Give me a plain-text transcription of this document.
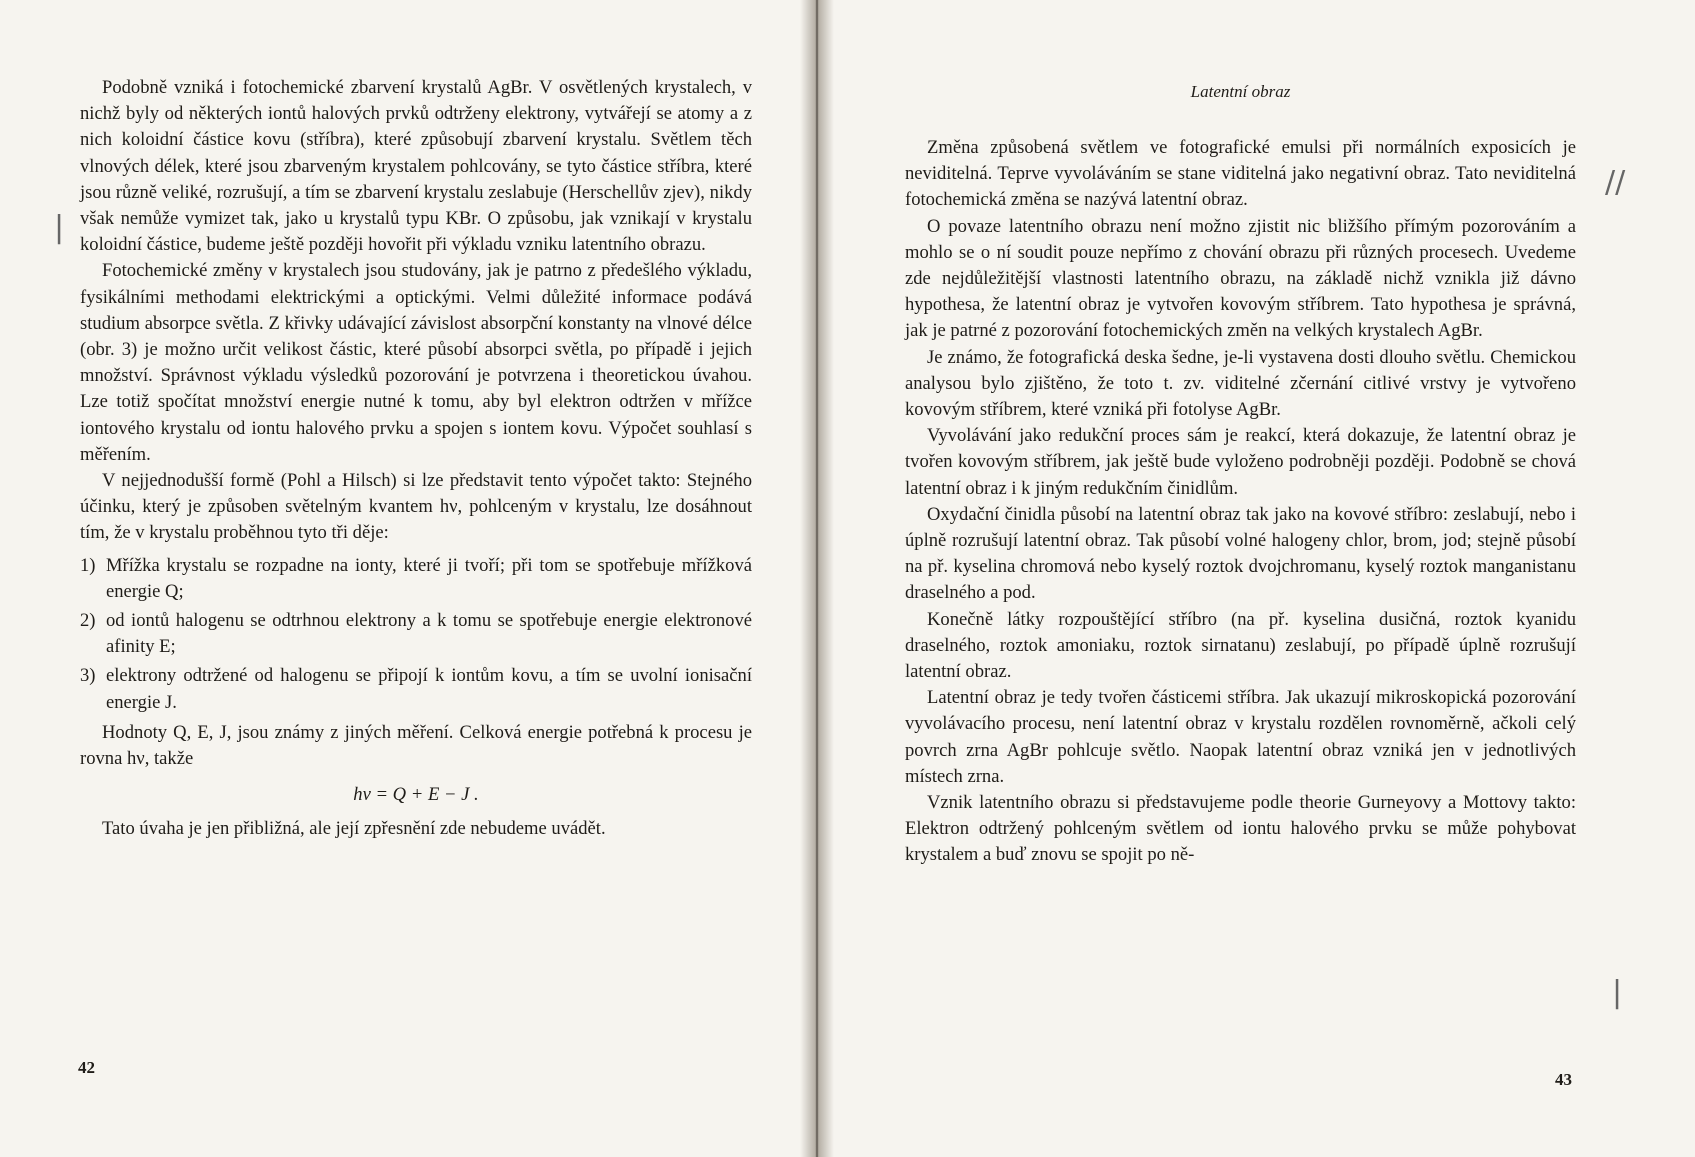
Podobně vzniká i fotochemické zbarvení krystalů AgBr. V osvětlených krystalech, v nichž byly od některých iontů halových prvků odtrženy elektrony, vytvářejí se atomy a z nich koloidní částice kovu (stříbra), které způsobují zbarvení krystalu. Světlem těch vlnových délek, které jsou zbarveným krystalem pohlcovány, se tyto částice stříbra, které jsou různě veliké, rozrušují, a tím se zbarvení krystalu zeslabuje (Herschellův zjev), nikdy však nemůže vymizet tak, jako u krystalů typu KBr. O způsobu, jak vznikají v krystalu koloidní částice, budeme ještě později hovořit při výkladu vzniku latentního obrazu.

Fotochemické změny v krystalech jsou studovány, jak je patrno z předešlého výkladu, fysikálními methodami elektrickými a optickými. Velmi důležité informace podává studium absorpce světla. Z křivky udávající závislost absorpční konstanty na vlnové délce (obr. 3) je možno určit velikost částic, které působí absorpci světla, po případě i jejich množství. Správnost výkladu výsledků pozorování je potvrzena i theoretickou úvahou. Lze totiž spočítat množství energie nutné k tomu, aby byl elektron odtržen v mřížce iontového krystalu od iontu halového prvku a spojen s iontem kovu. Výpočet souhlasí s měřením.

V nejjednodušší formě (Pohl a Hilsch) si lze představit tento výpočet takto: Stejného účinku, který je způsoben světelným kvantem hν, pohlceným v krystalu, lze dosáhnout tím, že v krystalu proběhnou tyto tři děje:

1) Mřížka krystalu se rozpadne na ionty, které ji tvoří; při tom se spotřebuje mřížková energie Q;
2) od iontů halogenu se odtrhnou elektrony a k tomu se spotřebuje energie elektronové afinity E;
3) elektrony odtržené od halogenu se připojí k iontům kovu, a tím se uvolní ionisační energie J.

Hodnoty Q, E, J, jsou známy z jiných měření. Celková energie potřebná k procesu je rovna hν, takže

hν = Q + E − J .

Tato úvaha je jen přibližná, ale její zpřesnění zde nebudeme uvádět.

42
|
Latentní obraz

Změna způsobená světlem ve fotografické emulsi při normálních exposicích je neviditelná. Teprve vyvoláváním se stane viditelná jako negativní obraz. Tato neviditelná fotochemická změna se nazývá latentní obraz.

O povaze latentního obrazu není možno zjistit nic bližšího přímým pozorováním a mohlo se o ní soudit pouze nepřímo z chování obrazu při různých procesech. Uvedeme zde nejdůležitější vlastnosti latentního obrazu, na základě nichž vznikla již dávno hypothesa, že latentní obraz je vytvořen kovovým stříbrem. Tato hypothesa je správná, jak je patrné z pozorování fotochemických změn na velkých krystalech AgBr.

Je známo, že fotografická deska šedne, je-li vystavena dosti dlouho světlu. Chemickou analysou bylo zjištěno, že toto t. zv. viditelné zčernání citlivé vrstvy je vytvořeno kovovým stříbrem, které vzniká při fotolyse AgBr.

Vyvolávání jako redukční proces sám je reakcí, která dokazuje, že latentní obraz je tvořen kovovým stříbrem, jak ještě bude vyloženo podrobněji později. Podobně se chová latentní obraz i k jiným redukčním činidlům.

Oxydační činidla působí na latentní obraz tak jako na kovové stříbro: zeslabují, nebo i úplně rozrušují latentní obraz. Tak působí volné halogeny chlor, brom, jod; stejně působí na př. kyselina chromová nebo kyselý roztok dvojchromanu, kyselý roztok manganistanu draselného a pod.

Konečně látky rozpouštějící stříbro (na př. kyselina dusičná, roztok kyanidu draselného, roztok amoniaku, roztok sirnatanu) zeslabují, po případě úplně rozrušují latentní obraz.

Latentní obraz je tedy tvořen částicemi stříbra. Jak ukazují mikroskopická pozorování vyvolávacího procesu, není latentní obraz v krystalu rozdělen rovnoměrně, ačkoli celý povrch zrna AgBr pohlcuje světlo. Naopak latentní obraz vzniká jen v jednotlivých místech zrna.

Vznik latentního obrazu si představujeme podle theorie Gurneyovy a Mottovy takto: Elektron odtržený pohlceným světlem od iontu halového prvku se může pohybovat krystalem a buď znovu se spojit po ně-

43
//
|
